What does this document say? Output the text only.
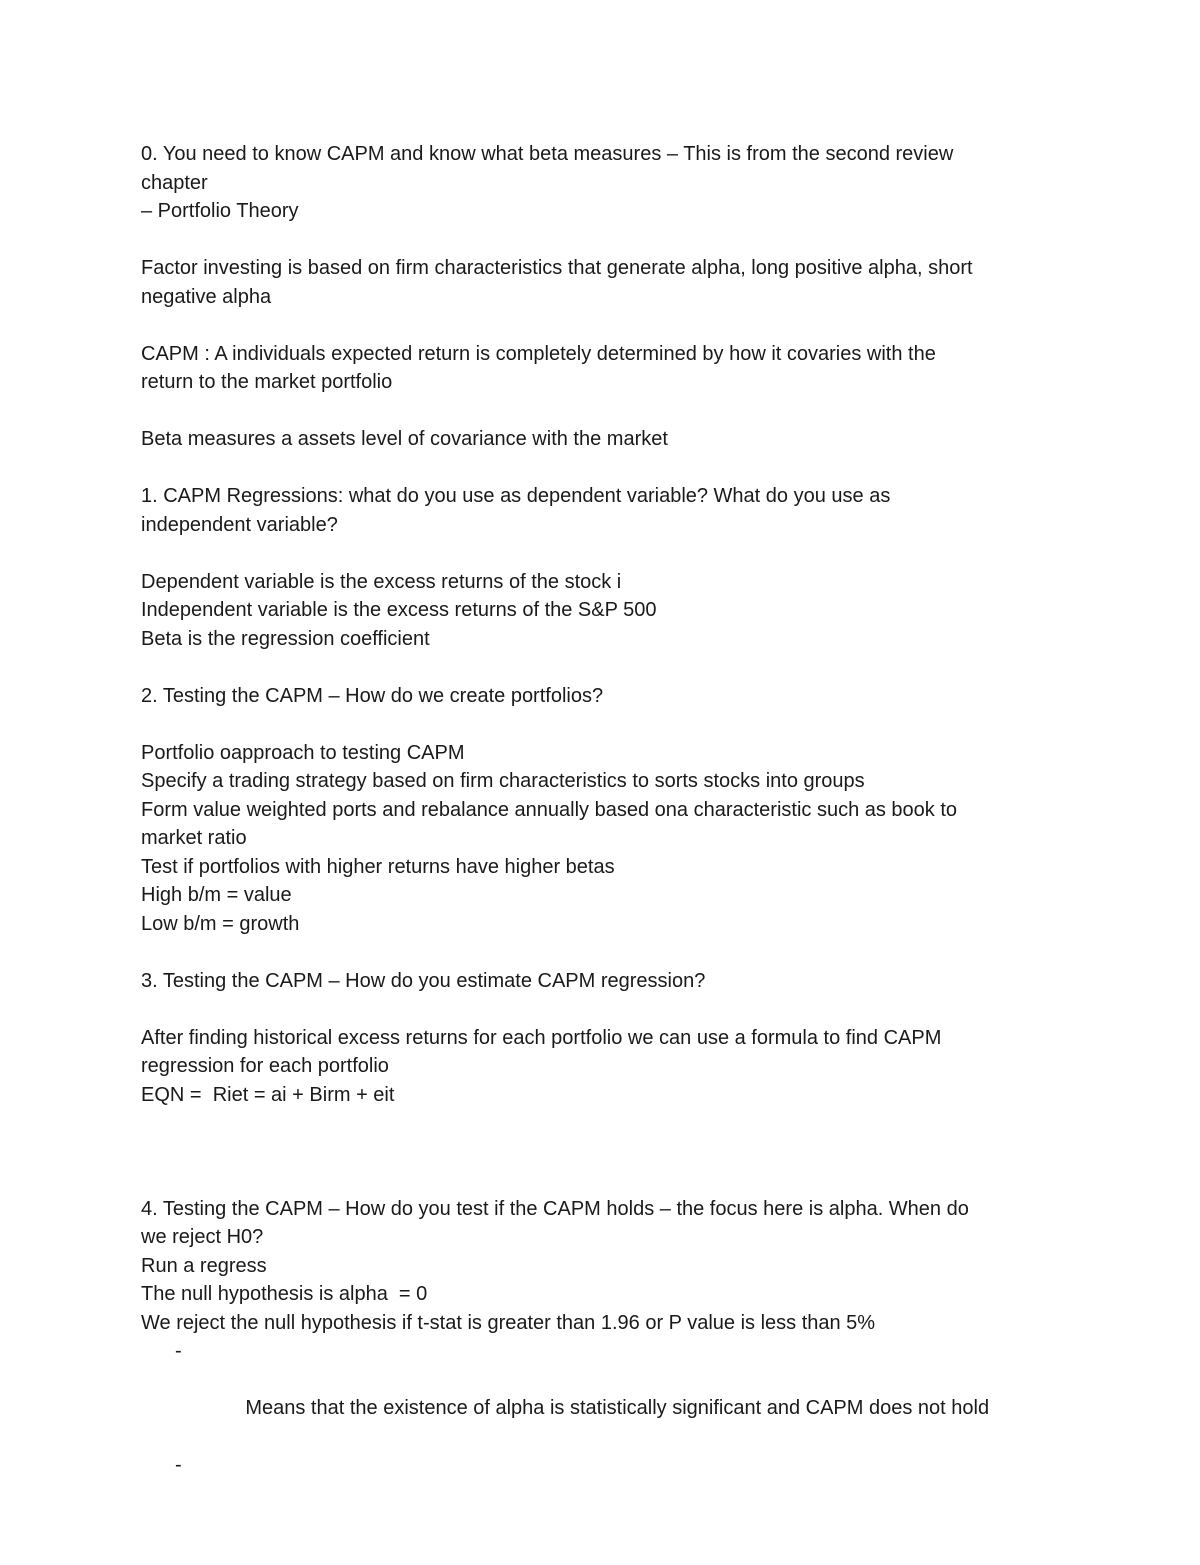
0. You need to know CAPM and know what beta measures – This is from the second review
chapter
– Portfolio Theory
Factor investing is based on firm characteristics that generate alpha, long positive alpha, short
negative alpha
CAPM : A individuals expected return is completely determined by how it covaries with the
return to the market portfolio
Beta measures a assets level of covariance with the market
1. CAPM Regressions: what do you use as dependent variable? What do you use as
independent variable?
Dependent variable is the excess returns of the stock i
Independent variable is the excess returns of the S&P 500
Beta is the regression coefficient
2. Testing the CAPM – How do we create portfolios?
Portfolio oapproach to testing CAPM
Specify a trading strategy based on firm characteristics to sorts stocks into groups
Form value weighted ports and rebalance annually based ona characteristic such as book to
market ratio
Test if portfolios with higher returns have higher betas
High b/m = value
Low b/m = growth
3. Testing the CAPM – How do you estimate CAPM regression?
After finding historical excess returns for each portfolio we can use a formula to find CAPM
regression for each portfolio
EQN =  Riet = ai + Birm + eit
4. Testing the CAPM – How do you test if the CAPM holds – the focus here is alpha. When do
we reject H0?
Run a regress
The null hypothesis is alpha  = 0
We reject the null hypothesis if t-stat is greater than 1.96 or P value is less than 5%

-

Means that the existence of alpha is statistically significant and CAPM does not hold

-
